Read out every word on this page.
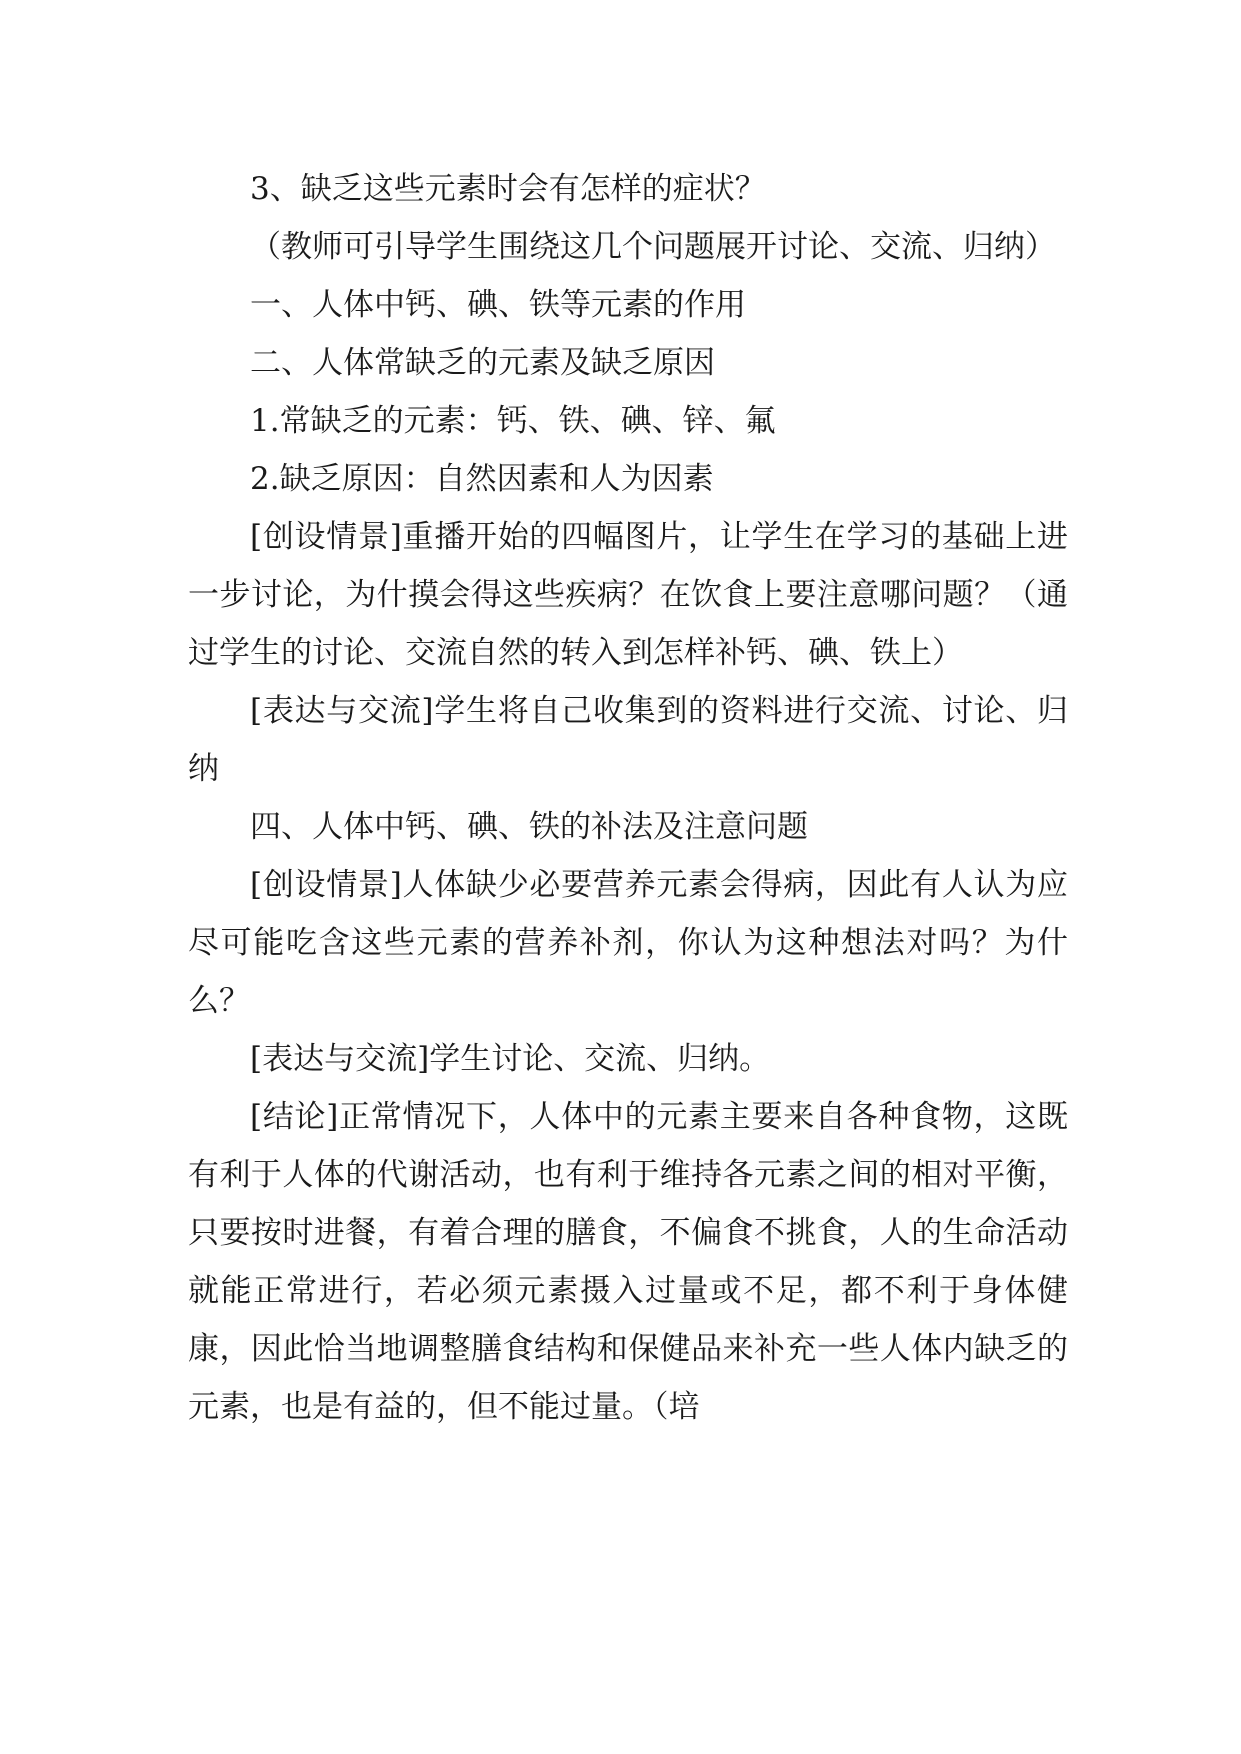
3、缺乏这些元素时会有怎样的症状？

（教师可引导学生围绕这几个问题展开讨论、交流、归纳）

一、人体中钙、碘、铁等元素的作用

二、人体常缺乏的元素及缺乏原因

1.常缺乏的元素：钙、铁、碘、锌、氟

2.缺乏原因：自然因素和人为因素

[创设情景]重播开始的四幅图片，让学生在学习的基础上进一步讨论，为什摸会得这些疾病？在饮食上要注意哪问题？（通过学生的讨论、交流自然的转入到怎样补钙、碘、铁上）

[表达与交流]学生将自己收集到的资料进行交流、讨论、归纳

四、人体中钙、碘、铁的补法及注意问题

[创设情景]人体缺少必要营养元素会得病，因此有人认为应尽可能吃含这些元素的营养补剂，你认为这种想法对吗？为什么？

[表达与交流]学生讨论、交流、归纳。

[结论]正常情况下，人体中的元素主要来自各种食物，这既有利于人体的代谢活动，也有利于维持各元素之间的相对平衡，只要按时进餐，有着合理的膳食，不偏食不挑食，人的生命活动就能正常进行，若必须元素摄入过量或不足，都不利于身体健康，因此恰当地调整膳食结构和保健品来补充一些人体内缺乏的元素，也是有益的，但不能过量。（培
